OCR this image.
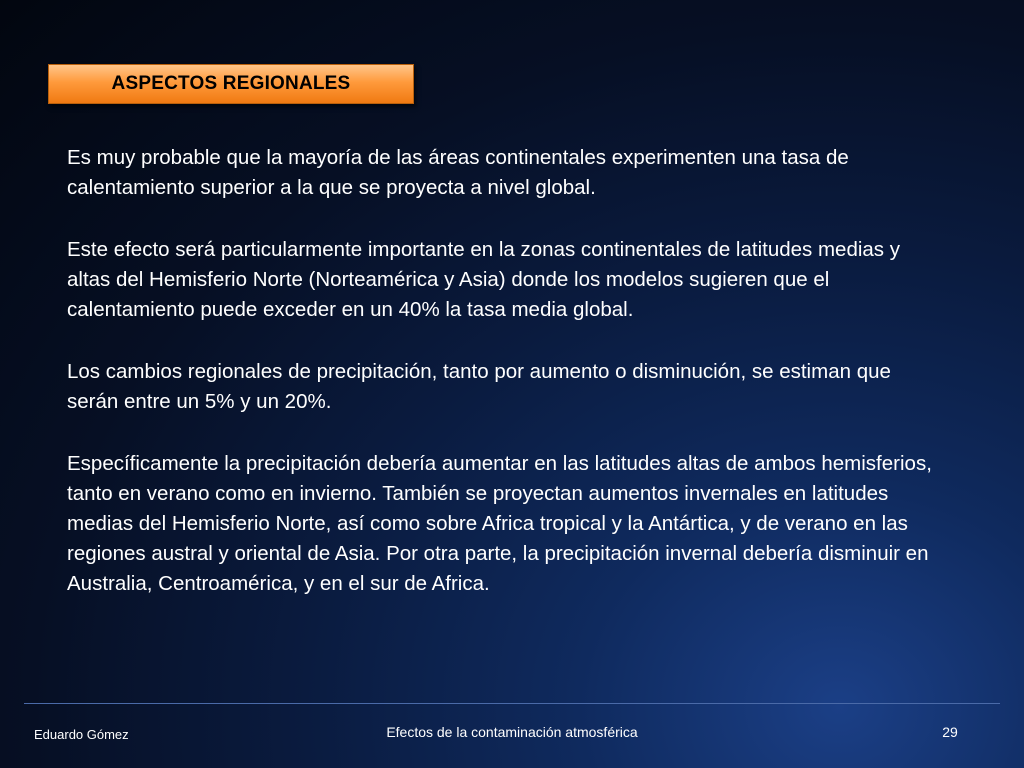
ASPECTOS REGIONALES

Es muy probable que la mayoría de las áreas continentales experimenten una tasa de calentamiento superior a la que se proyecta a nivel global.

Este efecto será particularmente importante en la zonas continentales de latitudes medias y altas del Hemisferio Norte (Norteamérica y Asia) donde los modelos sugieren que el calentamiento puede exceder en un 40% la tasa media global.

Los cambios regionales de precipitación, tanto por aumento o disminución, se estiman que serán entre un 5% y un 20%.

Específicamente la precipitación debería aumentar en las latitudes altas de ambos hemisferios, tanto en verano como en invierno. También se proyectan aumentos invernales en latitudes medias del Hemisferio Norte, así como sobre Africa tropical y la Antártica, y de verano en las regiones austral y oriental de Asia. Por otra parte, la precipitación invernal debería disminuir en Australia, Centroamérica, y en el sur de Africa.

Eduardo Gómez	Efectos de la contaminación atmosférica	29
